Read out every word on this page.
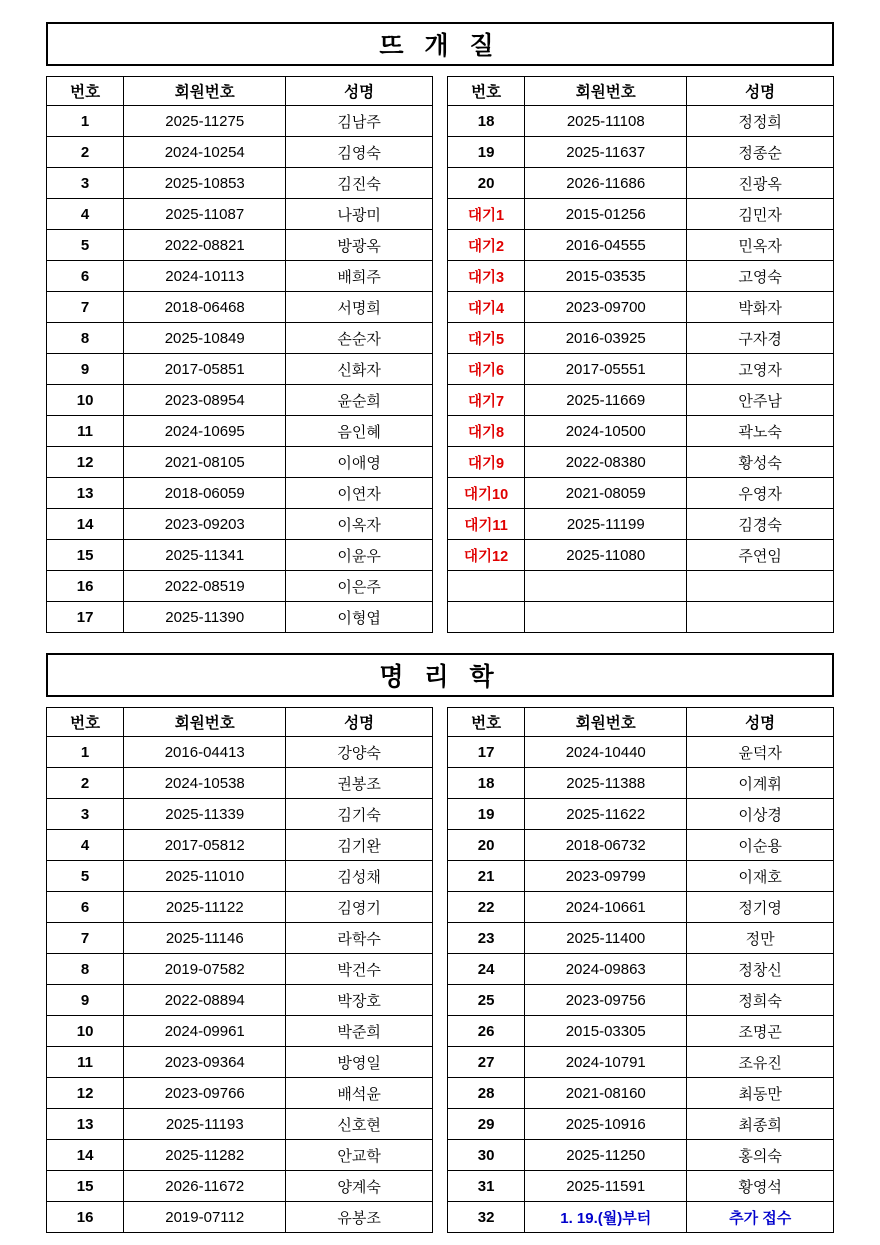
뜨 개 질
번호	회원번호	성명
1	2025-11275	김남주
2	2024-10254	김영숙
3	2025-10853	김진숙
4	2025-11087	나광미
5	2022-08821	방광옥
6	2024-10113	배희주
7	2018-06468	서명희
8	2025-10849	손순자
9	2017-05851	신화자
10	2023-08954	윤순희
11	2024-10695	음인혜
12	2021-08105	이애영
13	2018-06059	이연자
14	2023-09203	이옥자
15	2025-11341	이윤우
16	2022-08519	이은주
17	2025-11390	이형엽
번호	회원번호	성명
18	2025-11108	정정희
19	2025-11637	정종순
20	2026-11686	진광옥
대기1	2015-01256	김민자
대기2	2016-04555	민옥자
대기3	2015-03535	고영숙
대기4	2023-09700	박화자
대기5	2016-03925	구자경
대기6	2017-05551	고영자
대기7	2025-11669	안주남
대기8	2024-10500	곽노숙
대기9	2022-08380	황성숙
대기10	2021-08059	우영자
대기11	2025-11199	김경숙
대기12	2025-11080	주연임

명 리 학
번호	회원번호	성명
1	2016-04413	강양숙
2	2024-10538	권봉조
3	2025-11339	김기숙
4	2017-05812	김기완
5	2025-11010	김성채
6	2025-11122	김영기
7	2025-11146	라학수
8	2019-07582	박건수
9	2022-08894	박장호
10	2024-09961	박준희
11	2023-09364	방영일
12	2023-09766	배석윤
13	2025-11193	신호현
14	2025-11282	안교학
15	2026-11672	양계숙
16	2019-07112	유봉조
번호	회원번호	성명
17	2024-10440	윤덕자
18	2025-11388	이계휘
19	2025-11622	이상경
20	2018-06732	이순용
21	2023-09799	이재호
22	2024-10661	정기영
23	2025-11400	정만
24	2024-09863	정창신
25	2023-09756	정희숙
26	2015-03305	조명곤
27	2024-10791	조유진
28	2021-08160	최동만
29	2025-10916	최종희
30	2025-11250	홍의숙
31	2025-11591	황영석
32	1. 19.(월)부터	추가 접수
